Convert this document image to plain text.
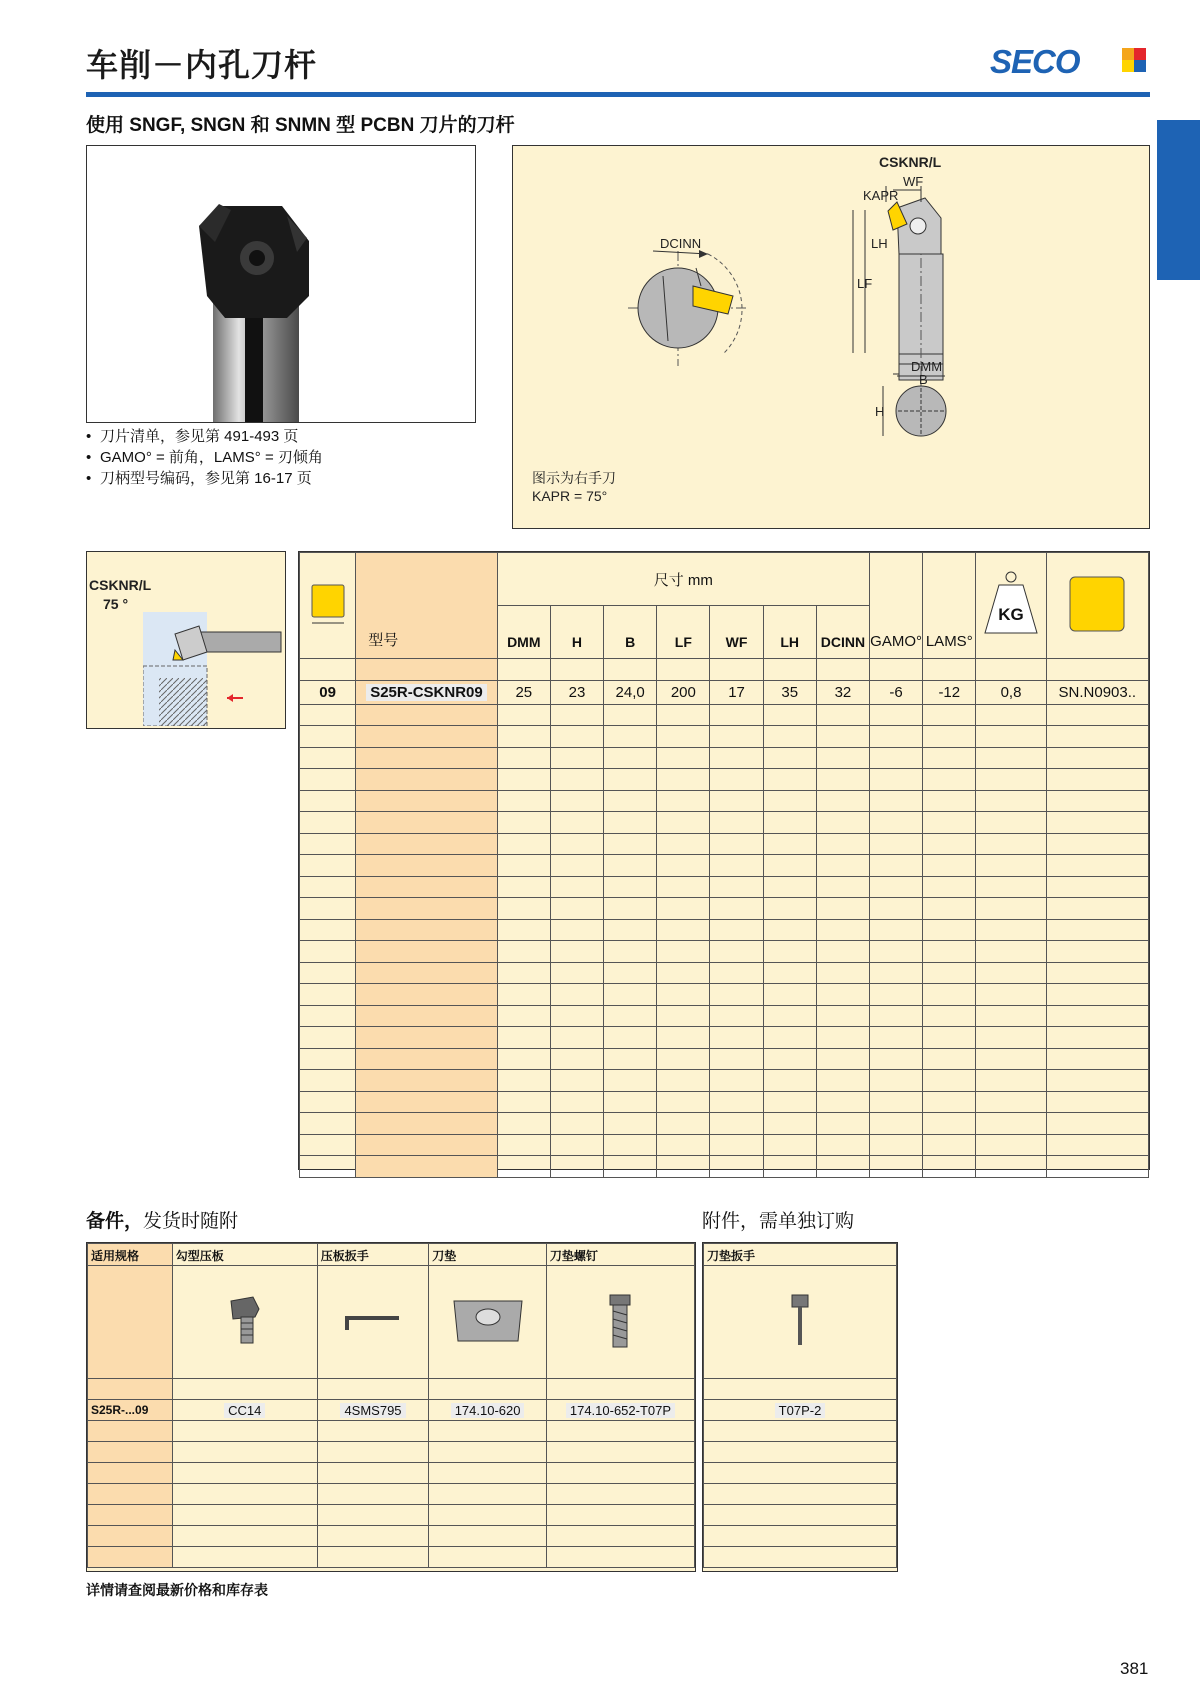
车削－内孔刀杆	SECO
使用 SNGF, SNGN 和 SNMN 型 PCBN 刀片的刀杆
• 刀片清单，参见第 491-493 页
• GAMO° = 前角，LAMS° = 刃倾角
• 刀柄型号编码，参见第 16-17 页
CSKNR/L
DCINN
WF
KAPR
LH
LF
DMM
B
H
图示为右手刀
KAPR = 75°
CSKNR/L
75 °
	型号	尺寸 mm							GAMO°	LAMS°	KG

		DMM	H	B	LF	WF	LH	DCINN				

09	S25R-CSKNR09	25	23	24,0	200	17	35	32	-6	-12	0,8	SN.N0903..

备件，发货时随附	附件，需单独订购
适用规格	勾型压板	压板扳手	刀垫	刀垫螺钉

S25R-...09	CC14	4SMS795	174.10-620	174.10-652-T07P

刀垫扳手

T07P-2

详情请查阅最新价格和库存表
381
